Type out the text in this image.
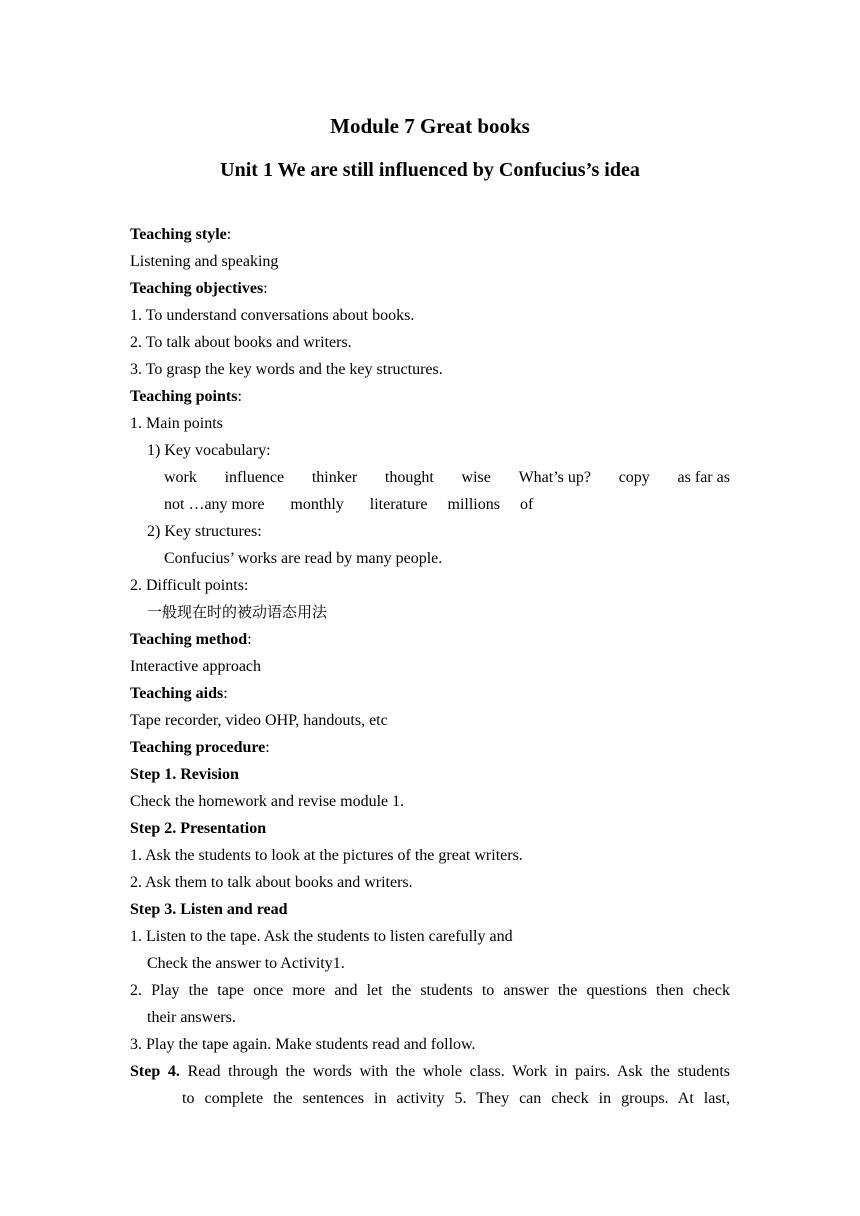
Module 7 Great books
Unit 1 We are still influenced by Confucius’s idea
Teaching style:
Listening and speaking
Teaching objectives:
1. To understand conversations about books.
2. To talk about books and writers.
3. To grasp the key words and the key structures.
Teaching points:
1. Main points
1) Key vocabulary:
work influence thinker thought wise What’s up? copy as far as
not …any more monthly literature millions of
2) Key structures:
Confucius’ works are read by many people.
2. Difficult points:
一般现在时的被动语态用法
Teaching method:
Interactive approach
Teaching aids:
Tape recorder, video OHP, handouts, etc
Teaching procedure:
Step 1. Revision
Check the homework and revise module 1.
Step 2. Presentation
1. Ask the students to look at the pictures of the great writers.
2. Ask them to talk about books and writers.
Step 3. Listen and read
1. Listen to the tape. Ask the students to listen carefully and
Check the answer to Activity1.
2. Play the tape once more and let the students to answer the questions then check
their answers.
3. Play the tape again. Make students read and follow.
Step 4. Read through the words with the whole class. Work in pairs. Ask the students
to complete the sentences in activity 5. They can check in groups. At last,
